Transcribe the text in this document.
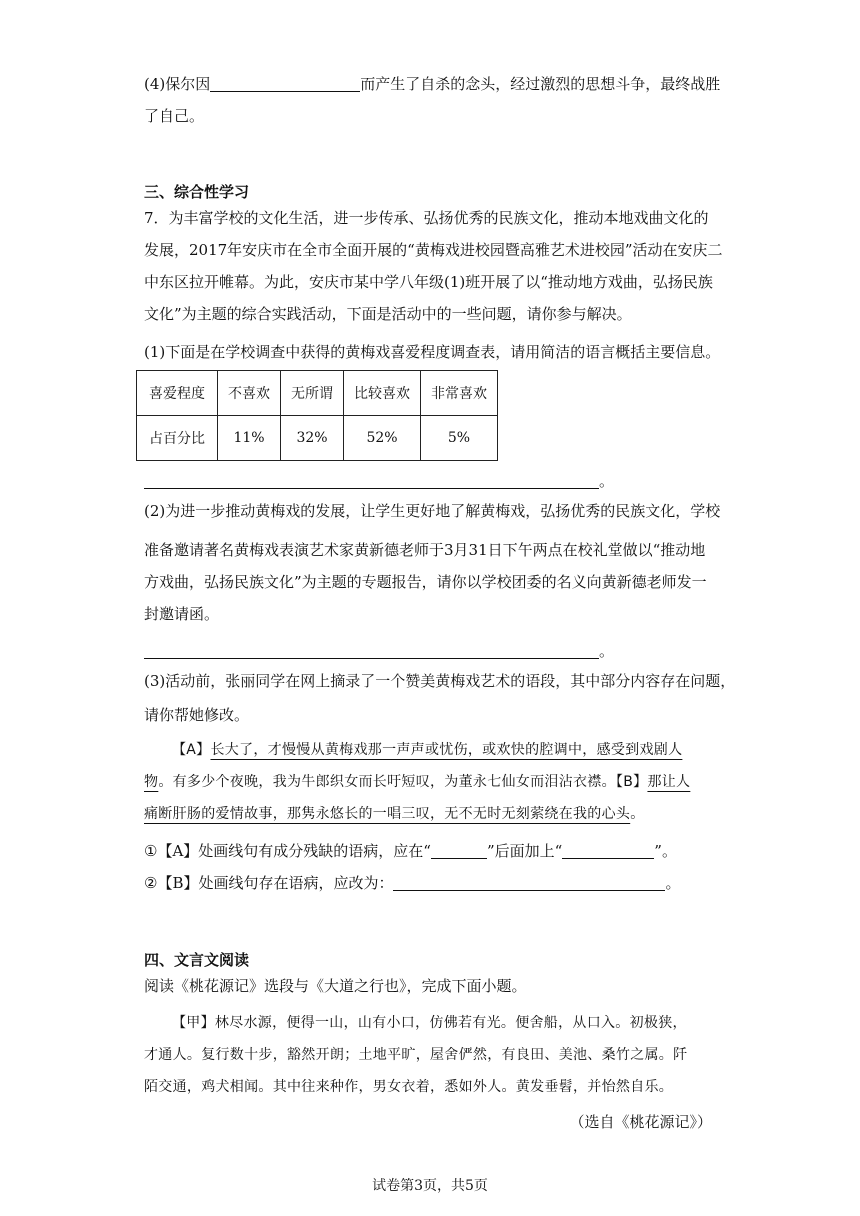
(4)保尔因	而产生了自杀的念头，经过激烈的思想斗争，最终战胜

了自己。

三、综合性学习

7．为丰富学校的文化生活，进一步传承、弘扬优秀的民族文化，推动本地戏曲文化的

发展，2017年安庆市在全市全面开展的“黄梅戏进校园暨高雅艺术进校园”活动在安庆二

中东区拉开帷幕。为此，安庆市某中学八年级(1)班开展了以“推动地方戏曲，弘扬民族

文化”为主题的综合实践活动，下面是活动中的一些问题，请你参与解决。

(1)下面是在学校调查中获得的黄梅戏喜爱程度调查表，请用简洁的语言概括主要信息。

喜爱程度	不喜欢	无所谓	比较喜欢	非常喜欢
占百分比	11%	32%	52%	5%
。

(2)为进一步推动黄梅戏的发展，让学生更好地了解黄梅戏，弘扬优秀的民族文化，学校

准备邀请著名黄梅戏表演艺术家黄新德老师于3月31日下午两点在校礼堂做以“推动地

方戏曲，弘扬民族文化”为主题的专题报告，请你以学校团委的名义向黄新德老师发一

封邀请函。

。

(3)活动前，张丽同学在网上摘录了一个赞美黄梅戏艺术的语段，其中部分内容存在问题，

请你帮她修改。

【A】长大了，才慢慢从黄梅戏那一声声或忧伤，或欢快的腔调中，感受到戏剧人

物。有多少个夜晚，我为牛郎织女而长吁短叹，为董永七仙女而泪沾衣襟。【B】那让人

痛断肝肠的爱情故事，那隽永悠长的一唱三叹，无不无时无刻萦绕在我的心头。

①【A】处画线句有成分残缺的语病，应在“	”后面加上“	”。

②【B】处画线句存在语病，应改为：	。

四、文言文阅读

阅读《桃花源记》选段与《大道之行也》，完成下面小题。

【甲】林尽水源，便得一山，山有小口，仿佛若有光。便舍船，从口入。初极狭，

才通人。复行数十步，豁然开朗；土地平旷，屋舍俨然，有良田、美池、桑竹之属。阡

陌交通，鸡犬相闻。其中往来种作，男女衣着，悉如外人。黄发垂髫，并怡然自乐。

（选自《桃花源记》）
试卷第3页，共5页
